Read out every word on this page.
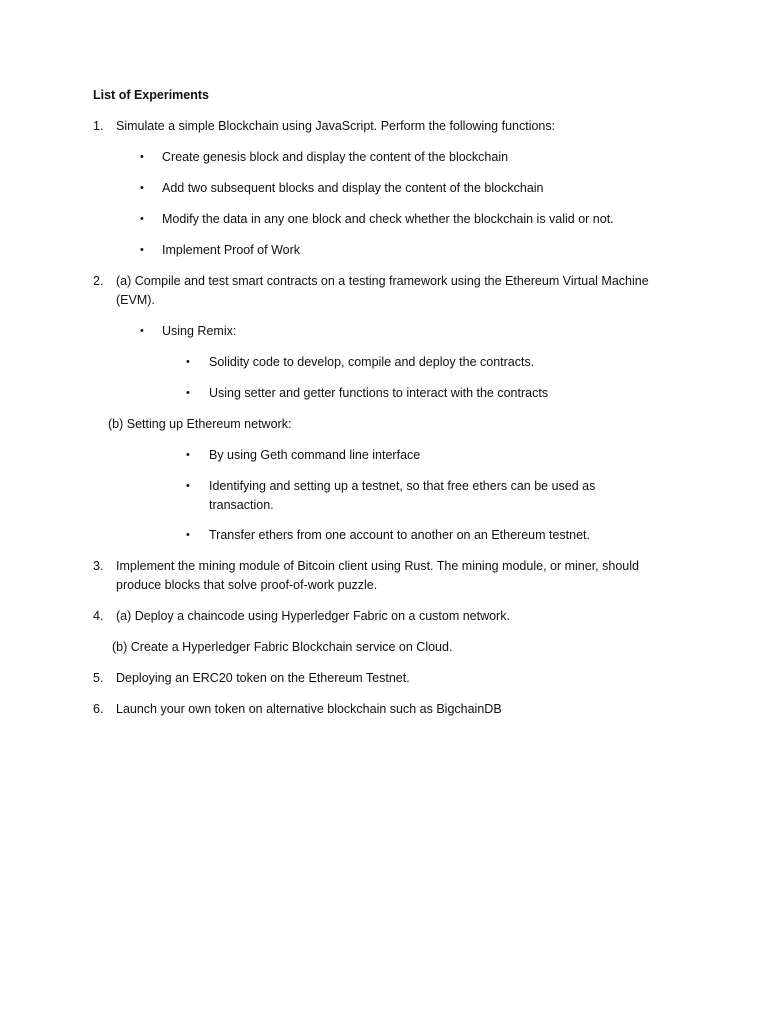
List of Experiments
1. Simulate a simple Blockchain using JavaScript. Perform the following functions:
• Create genesis block and display the content of the blockchain
• Add two subsequent blocks and display the content of the blockchain
• Modify the data in any one block and check whether the blockchain is valid or not.
• Implement Proof of Work
2. (a) Compile and test smart contracts on a testing framework using the Ethereum Virtual Machine
(EVM).
• Using Remix:
• Solidity code to develop, compile and deploy the contracts.
• Using setter and getter functions to interact with the contracts
(b) Setting up Ethereum network:
• By using Geth command line interface
• Identifying and setting up a testnet, so that free ethers can be used as
transaction.
• Transfer ethers from one account to another on an Ethereum testnet.
3. Implement the mining module of Bitcoin client using Rust. The mining module, or miner, should
produce blocks that solve proof-of-work puzzle.
4. (a) Deploy a chaincode using Hyperledger Fabric on a custom network.
(b) Create a Hyperledger Fabric Blockchain service on Cloud.
5. Deploying an ERC20 token on the Ethereum Testnet.
6. Launch your own token on alternative blockchain such as BigchainDB
